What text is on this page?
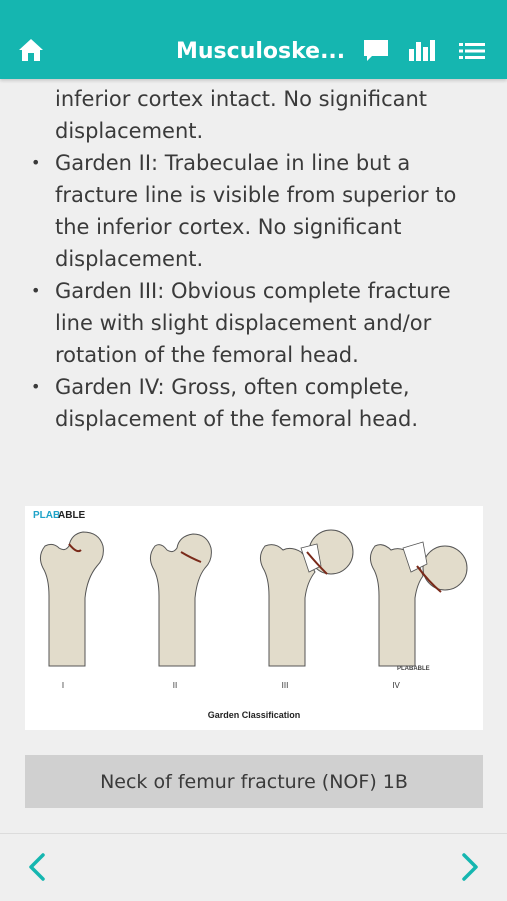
Musculoske...
inferior cortex intact. No significant
displacement.
• Garden II: Trabeculae in line but a
fracture line is visible from superior to
the inferior cortex. No significant
displacement.
• Garden III: Obvious complete fracture
line with slight displacement and/or
rotation of the femoral head.
• Garden IV: Gross, often complete,
displacement of the femoral head.
PLAB
ABLE
PLABABLE
I	II	III	IV
Garden Classification
Neck of femur fracture (NOF) 1B
